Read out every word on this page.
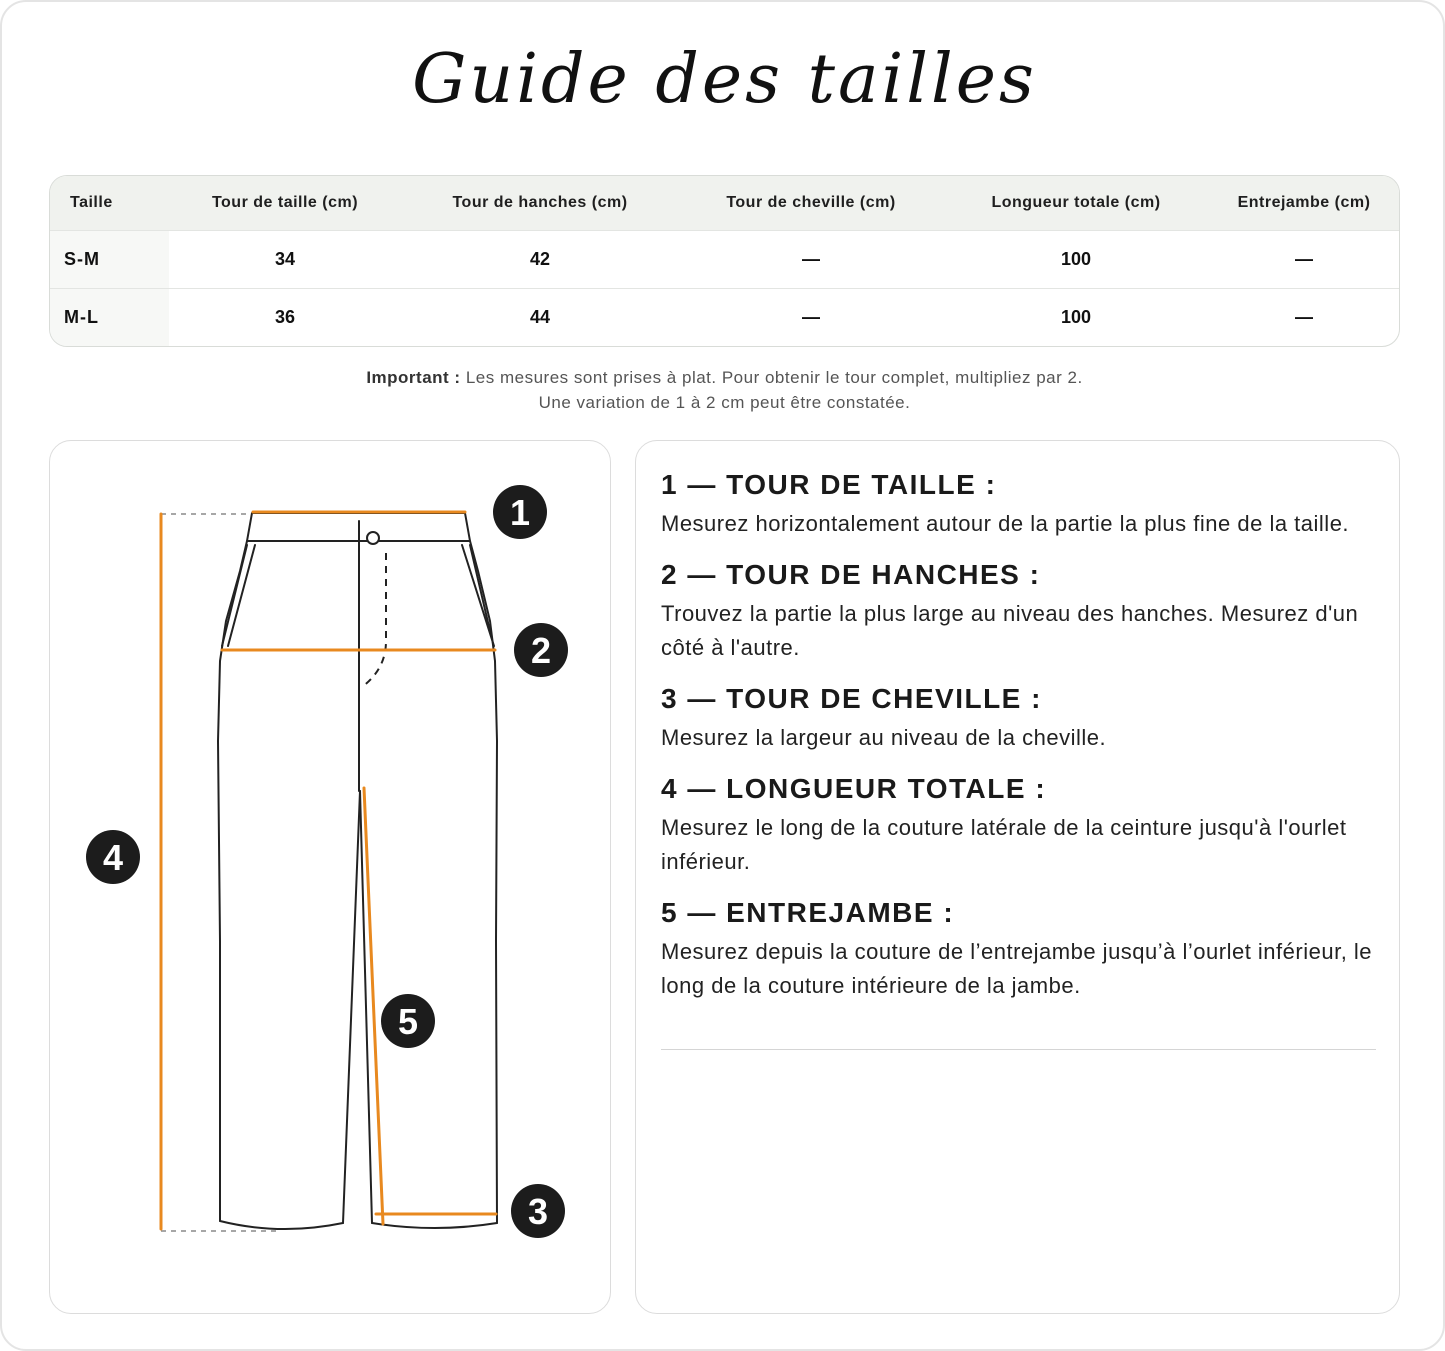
Guide des tailles
Taille	Tour de taille (cm)	Tour de hanches (cm)	Tour de cheville (cm)	Longueur totale (cm)	Entrejambe (cm)
S-M	34	42	—	100	—
M-L	36	44	—	100	—
Important : Les mesures sont prises à plat. Pour obtenir le tour complet, multipliez par 2.
Une variation de 1 à 2 cm peut être constatée.
1
2
3
4
5

1 — TOUR DE TAILLE :

Mesurez horizontalement autour de la partie la plus fine de la taille.

2 — TOUR DE HANCHES :

Trouvez la partie la plus large au niveau des hanches. Mesurez d'un côté à l'autre.

3 — TOUR DE CHEVILLE :

Mesurez la largeur au niveau de la cheville.

4 — LONGUEUR TOTALE :

Mesurez le long de la couture latérale de la ceinture jusqu'à l'ourlet inférieur.

5 — ENTREJAMBE :

Mesurez depuis la couture de l’entrejambe jusqu’à l’ourlet inférieur, le long de la couture intérieure de la jambe.
